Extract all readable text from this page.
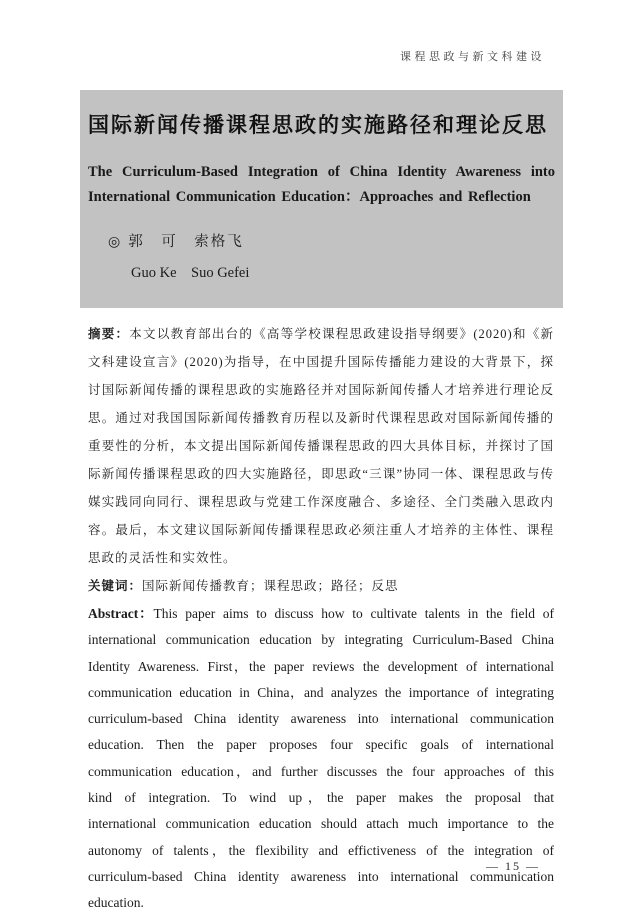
课程思政与新文科建设
国际新闻传播课程思政的实施路径和理论反思
The Curriculum-Based Integration of China Identity Awareness into International Communication Education：Approaches and Reflection
◎ 郭　可　索格飞
Guo Ke　Suo Gefei

摘要：本文以教育部出台的《高等学校课程思政建设指导纲要》(2020)和《新文科建设宣言》(2020)为指导，在中国提升国际传播能力建设的大背景下，探讨国际新闻传播的课程思政的实施路径并对国际新闻传播人才培养进行理论反思。通过对我国国际新闻传播教育历程以及新时代课程思政对国际新闻传播的重要性的分析，本文提出国际新闻传播课程思政的四大具体目标，并探讨了国际新闻传播课程思政的四大实施路径，即思政“三课”协同一体、课程思政与传媒实践同向同行、课程思政与党建工作深度融合、多途径、全门类融入思政内容。最后，本文建议国际新闻传播课程思政必须注重人才培养的主体性、课程思政的灵活性和实效性。

关键词：国际新闻传播教育；课程思政；路径；反思

Abstract：This paper aims to discuss how to cultivate talents in the field of international communication education by integrating Curriculum-Based China Identity Awareness. First，the paper reviews the development of international communication education in China，and analyzes the importance of integrating curriculum-based China identity awareness into international communication education. Then the paper proposes four specific goals of international communication education，and further discusses the four approaches of this kind of integration. To wind up，the paper makes the proposal that international communication education should attach much importance to the autonomy of talents，the flexibility and effictiveness of the integration of curriculum-based China identity awareness into international communication education.

— 15 —
